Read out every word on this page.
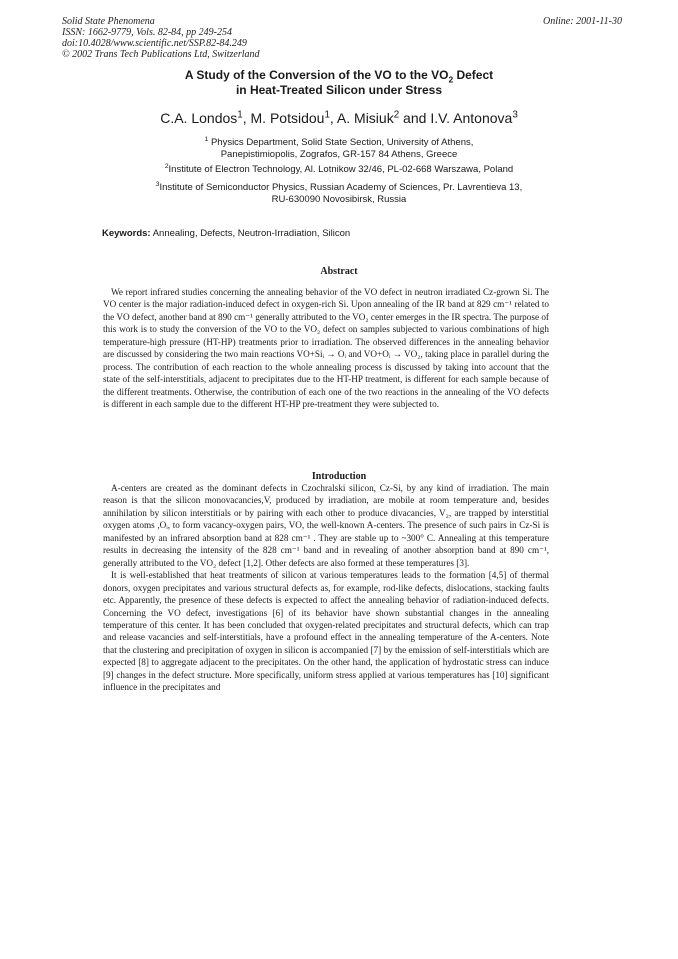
Solid State Phenomena
ISSN: 1662-9779, Vols. 82-84, pp 249-254
doi:10.4028/www.scientific.net/SSP.82-84.249
© 2002 Trans Tech Publications Ltd, Switzerland
Online: 2001-11-30
A Study of the Conversion of the VO to the $VO_2$ Defect
in Heat-Treated Silicon under Stress
C.A. Londos$^1$, M. Potsidou$^1$, A. Misiuk$^2$ and I.V. Antonova$^3$
$^1$ Physics Department, Solid State Section, University of Athens,
Panepistimiopolis, Zografos, GR-157 84 Athens, Greece
$^2$Institute of Electron Technology, Al. Lotnikow 32/46, PL-02-668 Warszawa, Poland
$^3$Institute of Semiconductor Physics, Russian Academy of Sciences, Pr. Lavrentieva 13,
RU-630090 Novosibirsk, Russia
Keywords: Annealing, Defects, Neutron-Irradiation, Silicon
Abstract

We report infrared studies concerning the annealing behavior of the VO defect in neutron irradiated Cz-grown Si. The VO center is the major radiation-induced defect in oxygen-rich Si. Upon annealing of the IR band at 829 cm⁻¹ related to the VO defect, another band at 890 cm⁻¹ generally attributed to the VO₂ center emerges in the IR spectra. The purpose of this work is to study the conversion of the VO to the VO₂ defect on samples subjected to various combinations of high temperature-high pressure (HT-HP) treatments prior to irradiation. The observed differences in the annealing behavior are discussed by considering the two main reactions VO+Siᵢ → Oᵢ and VO+Oᵢ → VO₂, taking place in parallel during the process. The contribution of each reaction to the whole annealing process is discussed by taking into account that the state of the self-interstitials, adjacent to precipitates due to the HT-HP treatment, is different for each sample because of the different treatments. Otherwise, the contribution of each one of the two reactions in the annealing of the VO defects is different in each sample due to the different HT-HP pre-treatment they were subjected to.

Introduction

A-centers are created as the dominant defects in Czochralski silicon, Cz-Si, by any kind of irradiation. The main reason is that the silicon monovacancies,V, produced by irradiation, are mobile at room temperature and, besides annihilation by silicon interstitials or by pairing with each other to produce divacancies, V₂, are trapped by interstitial oxygen atoms ,Oᵢ, to form vacancy-oxygen pairs, VO, the well-known A-centers. The presence of such pairs in Cz-Si is manifested by an infrared absorption band at 828 cm⁻¹ . They are stable up to ~300° C. Annealing at this temperature results in decreasing the intensity of the 828 cm⁻¹ band and in revealing of another absorption band at 890 cm⁻¹, generally attributed to the VO₂ defect [1,2]. Other defects are also formed at these temperatures [3].

It is well-established that heat treatments of silicon at various temperatures leads to the formation [4,5] of thermal donors, oxygen precipitates and various structural defects as, for example, rod-like defects, dislocations, stacking faults etc. Apparently, the presence of these defects is expected to affect the annealing behavior of radiation-induced defects. Concerning the VO defect, investigations [6] of its behavior have shown substantial changes in the annealing temperature of this center. It has been concluded that oxygen-related precipitates and structural defects, which can trap and release vacancies and self-interstitials, have a profound effect in the annealing temperature of the A-centers. Note that the clustering and precipitation of oxygen in silicon is accompanied [7] by the emission of self-interstitials which are expected [8] to aggregate adjacent to the precipitates. On the other hand, the application of hydrostatic stress can induce [9] changes in the defect structure. More specifically, uniform stress applied at various temperatures has [10] significant influence in the precipitates and
